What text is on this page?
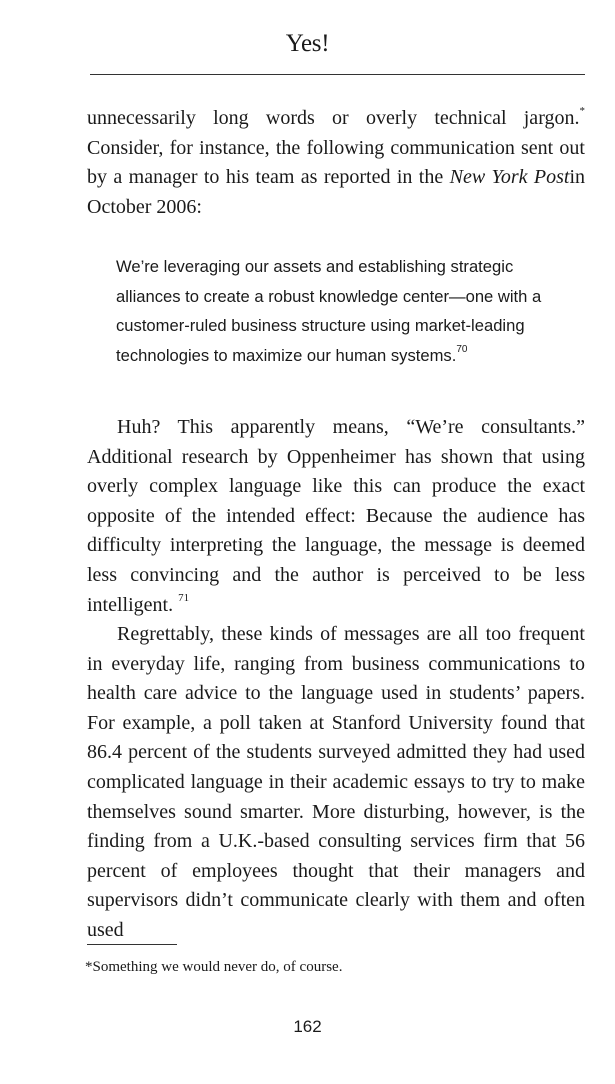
Yes!

unnecessarily long words or overly technical jargon.* Consider, for instance, the following communication sent out by a manager to his team as reported in the New York Postin October 2006:

We’re leveraging our assets and establishing strategic alliances to create a robust knowledge center—one with a customer-ruled business structure using market-leading technologies to maximize our human systems.$^{70}$

Huh? This apparently means, “We’re consultants.” Additional research by Oppenheimer has shown that using overly complex language like this can produce the exact opposite of the intended effect: Because the audience has difficulty interpreting the language, the message is deemed less convincing and the author is perceived to be less intelligent. $^{71}$

Regrettably, these kinds of messages are all too frequent in everyday life, ranging from business communications to health care advice to the language used in students’ papers. For example, a poll taken at Stanford University found that 86.4 percent of the students surveyed admitted they had used complicated language in their academic essays to try to make themselves sound smarter. More disturbing, however, is the finding from a U.K.-based consulting services firm that 56 percent of employees thought that their managers and supervisors didn’t communicate clearly with them and often used

*Something we would never do, of course.

162
